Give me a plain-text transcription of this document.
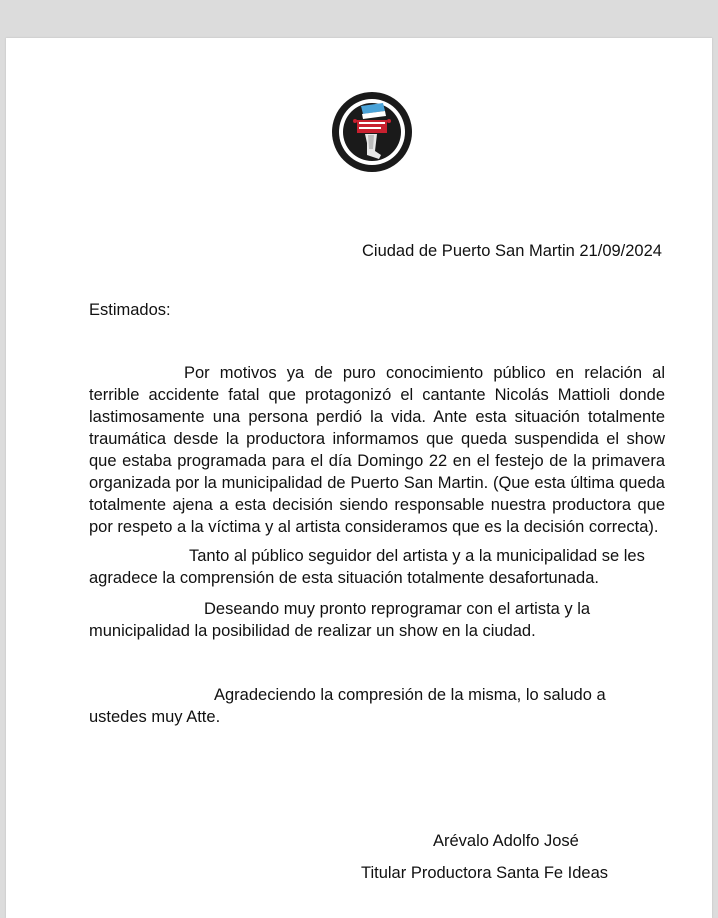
Ciudad de Puerto San Martin 21/09/2024
Estimados:
Por motivos ya de puro conocimiento público en relación al terrible accidente fatal que protagonizó el cantante Nicolás Mattioli donde lastimosamente una persona perdió la vida. Ante esta situación totalmente traumática desde la productora informamos que queda suspendida el show que estaba programada para el día Domingo 22 en el festejo de la primavera organizada por la municipalidad de Puerto San Martin. (Que esta última queda totalmente ajena a esta decisión siendo responsable nuestra productora que por respeto a la víctima y al artista consideramos que es la decisión correcta).
Tanto al público seguidor del artista y a la municipalidad se les agradece la comprensión de esta situación totalmente desafortunada.
Deseando muy pronto reprogramar con el artista y la municipalidad la posibilidad de realizar un show en la ciudad.
Agradeciendo la compresión de la misma, lo saludo a ustedes muy Atte.
Arévalo Adolfo José
Titular Productora Santa Fe Ideas
